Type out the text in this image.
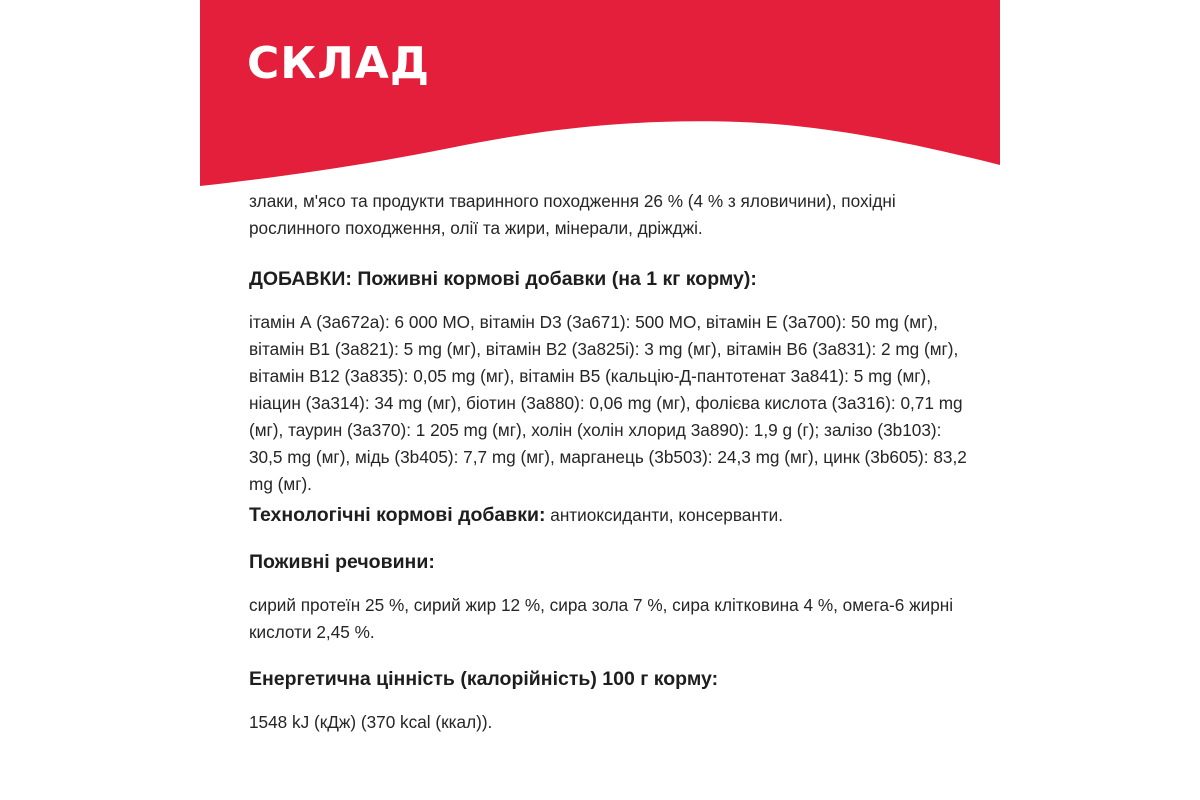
СКЛАД

злаки, м'ясо та продукти тваринного походження 26 % (4 % з яловичини), похідні рослинного походження, олії та жири, мінерали, дріжджі.

ДОБАВКИ: Поживні кормові добавки (на 1 кг корму):

ітамін А (3а672а): 6 000 МО, вітамін D3 (3a671): 500 МО, вітамін Е (3a700): 50 mg (мг), вітамін В1 (3a821): 5 mg (мг), вітамін В2 (3a825і): 3 mg (мг), вітамін В6 (3a831): 2 mg (мг), вітамін В12 (3a835): 0,05 mg (мг), вітамін В5 (кальцію-Д-пантотенат 3a841): 5 mg (мг), ніацин (3a314): 34 mg (мг), біотин (3a880): 0,06 mg (мг), фолієва кислота (3a316): 0,71 mg (мг), таурин (3a370): 1 205 mg (мг), холін (холін хлорид 3a890): 1,9 g (г); залізо (3b103): 30,5 mg (мг), мідь (3b405): 7,7 mg (мг), марганець (3b503): 24,3 mg (мг), цинк (3b605): 83,2 mg (мг).

Технологічні кормові добавки: антиоксиданти, консерванти.

Поживні речовини:

сирий протеїн 25 %, сирий жир 12 %, сира зола 7 %, сира клітковина 4 %, омега-6 жирні кислоти 2,45 %.

Енергетична цінність (калорійність) 100 г корму:

1548 kJ (кДж) (370 kcal (ккал)).
